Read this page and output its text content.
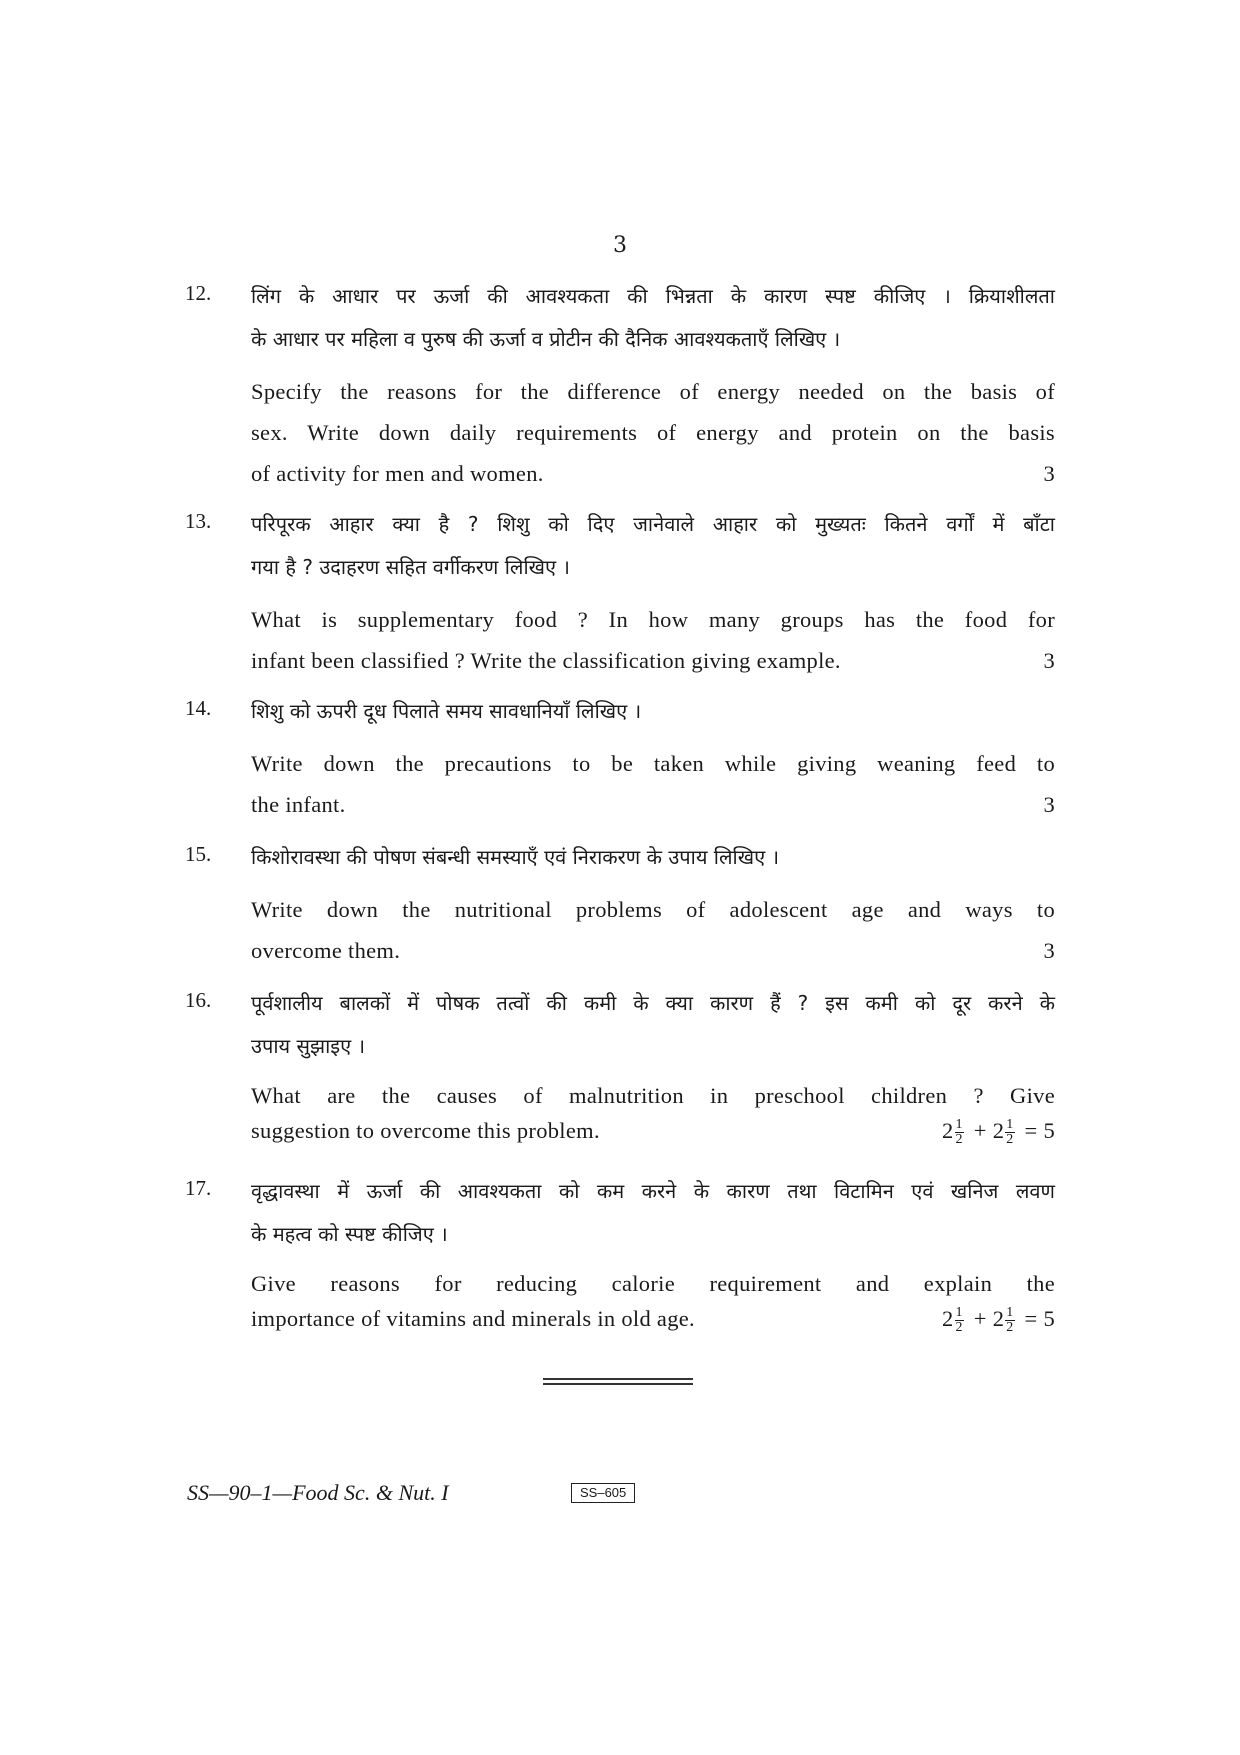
3
12. लिंग के आधार पर ऊर्जा की आवश्यकता की भिन्नता के कारण स्पष्ट कीजिए । क्रियाशीलता
के आधार पर महिला व पुरुष की ऊर्जा व प्रोटीन की दैनिक आवश्यकताएँ लिखिए ।
Specify the reasons for the difference of energy needed on the basis of
sex. Write down daily requirements of energy and protein on the basis
of activity for men and women.	3
13. परिपूरक आहार क्या है ? शिशु को दिए जानेवाले आहार को मुख्यतः कितने वर्गों में बाँटा
गया है ? उदाहरण सहित वर्गीकरण लिखिए ।
What is supplementary food ? In how many groups has the food for
infant been classified ? Write the classification giving example.	3
14. शिशु को ऊपरी दूध पिलाते समय सावधानियाँ लिखिए ।
Write down the precautions to be taken while giving weaning feed to
the infant.	3
15. किशोरावस्था की पोषण संबन्धी समस्याएँ एवं निराकरण के उपाय लिखिए ।
Write down the nutritional problems of adolescent age and ways to
overcome them.	3
16. पूर्वशालीय बालकों में पोषक तत्वों की कमी के क्या कारण हैं ? इस कमी को दूर करने के
उपाय सुझाइए ।
What are the causes of malnutrition in preschool children ? Give
suggestion to overcome this problem.	$2 \frac{1}{2} + 2 \frac{1}{2} = 5$
17. वृद्धावस्था में ऊर्जा की आवश्यकता को कम करने के कारण तथा विटामिन एवं खनिज लवण
के महत्व को स्पष्ट कीजिए ।
Give reasons for reducing calorie requirement and explain the
importance of vitamins and minerals in old age.	$2 \frac{1}{2} + 2 \frac{1}{2} = 5$
SS—90–1—Food Sc. & Nut. I	SS–605
